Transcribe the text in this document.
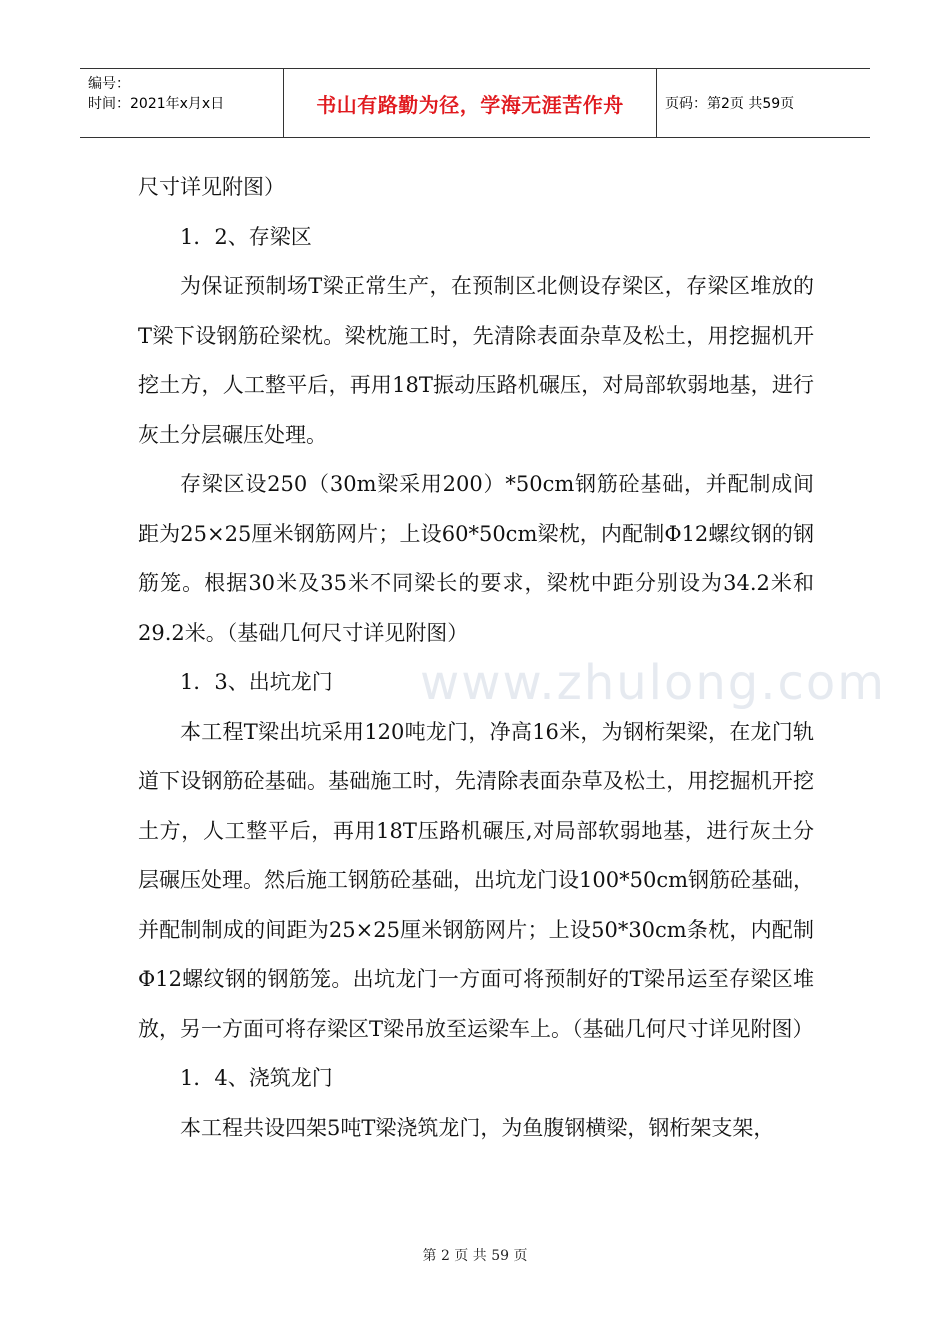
www.zhulong.com
编号：
时间：2021年x月x日	书山有路勤为径，学海无涯苦作舟	页码：第2页 共59页

尺寸详见附图）

1．2、存梁区

为保证预制场T梁正常生产，在预制区北侧设存梁区，存梁区堆放的T梁下设钢筋砼梁枕。梁枕施工时，先清除表面杂草及松土，用挖掘机开挖土方，人工整平后，再用18T振动压路机碾压，对局部软弱地基，进行灰土分层碾压处理。

存梁区设250（30m梁采用200）*50cm钢筋砼基础，并配制成间距为25×25厘米钢筋网片；上设60*50cm梁枕，内配制Φ12螺纹钢的钢筋笼。根据30米及35米不同梁长的要求，梁枕中距分别设为34.2米和29.2米。（基础几何尺寸详见附图）

1．3、出坑龙门

本工程T梁出坑采用120吨龙门，净高16米，为钢桁架梁，在龙门轨道下设钢筋砼基础。基础施工时，先清除表面杂草及松土，用挖掘机开挖土方，人工整平后，再用18T压路机碾压,对局部软弱地基，进行灰土分层碾压处理。然后施工钢筋砼基础，出坑龙门设100*50cm钢筋砼基础，并配制制成的间距为25×25厘米钢筋网片；上设50*30cm条枕，内配制Φ12螺纹钢的钢筋笼。出坑龙门一方面可将预制好的T梁吊运至存梁区堆放，另一方面可将存梁区T梁吊放至运梁车上。（基础几何尺寸详见附图）

1．4、浇筑龙门

本工程共设四架5吨T梁浇筑龙门，为鱼腹钢横梁，钢桁架支架，

第 2 页 共 59 页
